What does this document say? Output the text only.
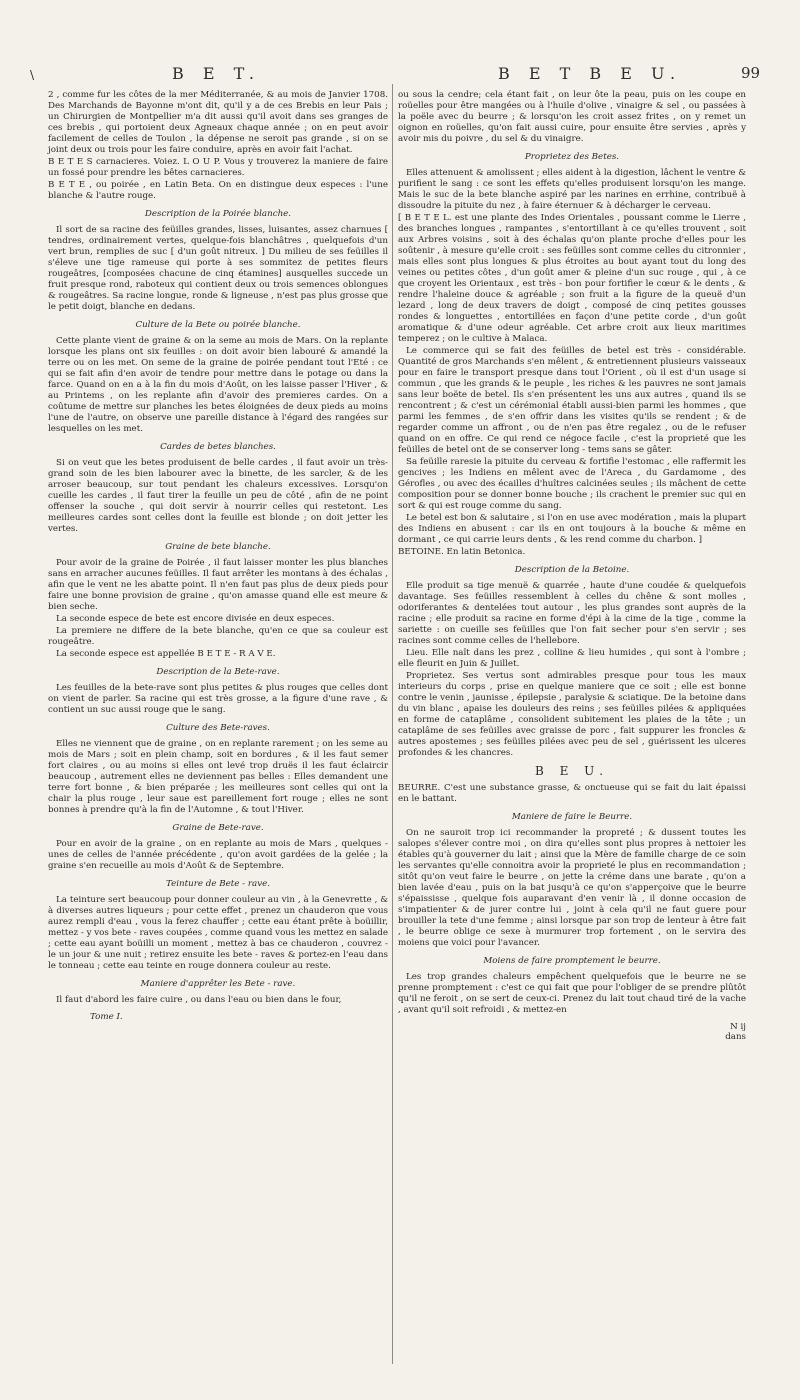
\	B E T.	B E T B E U.	99

2 , comme fur les côtes de la mer Méditerranée, & au mois de Janvier 1708. Des Marchands de Bayonne m'ont dit, qu'il y a de ces Brebis en leur Pais ; un Chirurgien de Montpellier m'a dit aussi qu'il avoit dans ses granges de ces brebis , qui portoient deux Agneaux chaque année ; on en peut avoir facilement de celles de Toulon , la dépense ne seroit pas grande , si on se joint deux ou trois pour les faire conduire, après en avoir fait l'achat.

B E T E S carnacieres. Voiez. L O U P. Vous y trouverez la maniere de faire un fossé pour prendre les bêtes carnacieres.

B E T E , ou poirée , en Latin Beta. On en distingue deux especes : l'une blanche & l'autre rouge.

Description de la Poirée blanche.

Il sort de sa racine des feüilles grandes, lisses, luisantes, assez charnues [ tendres, ordinairement vertes, quelque-fois blanchâtres , quelquefois d'un vert brun, remplies de suc [ d'un goût nitreux. ] Du milieu de ses feüilles il s'éleve une tige rameuse qui porte à ses sommitez de petites fleurs rougeâtres, [composées chacune de cinq étamines] ausquelles succede un fruit presque rond, raboteux qui contient deux ou trois semences oblongues & rougeâtres. Sa racine longue, ronde & ligneuse , n'est pas plus grosse que le petit doigt, blanche en dedans.

Culture de la Bete ou poirée blanche.

Cette plante vient de graine & on la seme au mois de Mars. On la replante lorsque les plans ont six feuilles : on doit avoir bien labouré & amandé la terre ou on les met. On seme de la graine de poirée pendant tout l'Eté : ce qui se fait afin d'en avoir de tendre pour mettre dans le potage ou dans la farce. Quand on en a à la fin du mois d'Août, on les laisse passer l'Hiver , & au Printems , on les replante afin d'avoir des premieres cardes. On a coûtume de mettre sur planches les betes éloignées de deux pieds au moins l'une de l'autre, on observe une pareille distance à l'égard des rangées sur lesquelles on les met.

Cardes de betes blanches.

Si on veut que les betes produisent de belle cardes , il faut avoir un très-grand soin de les bien labourer avec la binette, de les sarcler, & de les arroser beaucoup, sur tout pendant les chaleurs excessives. Lorsqu'on cueille les cardes , il faut tirer la feuille un peu de côté , afin de ne point offenser la souche , qui doit servir à nourrir celles qui restetont. Les meilleures cardes sont celles dont la feuille est blonde ; on doit jetter les vertes.

Graine de bete blanche.

Pour avoir de la graine de Poirée , il faut laisser monter les plus blanches sans en arracher aucunes feüilles. Il faut arrêter les montans à des échalas , afin que le vent ne les abatte point. Il n'en faut pas plus de deux pieds pour faire une bonne provision de graine , qu'on amasse quand elle est meure & bien seche.

La seconde espece de bete est encore divisée en deux especes.

La premiere ne differe de la bete blanche, qu'en ce que sa couleur est rougeâtre.

La seconde espece est appellée B E T E - R A V E.

Description de la Bete-rave.

Les feuilles de la bete-rave sont plus petites & plus rouges que celles dont on vient de parler. Sa racine qui est très grosse, a la figure d'une rave , & contient un suc aussi rouge que le sang.

Culture des Bete-raves.

Elles ne viennent que de graine , on en replante rarement ; on les seme au mois de Mars ; soit en plein champ, soit en bordures , & il les faut semer fort claires , ou au moins si elles ont levé trop druës il les faut éclaircir beaucoup , autrement elles ne deviennent pas belles : Elles demandent une terre fort bonne , & bien préparée ; les meilleures sont celles qui ont la chair la plus rouge , leur saue est pareillement fort rouge ; elles ne sont bonnes à prendre qu'à la fin de l'Automne , & tout l'Hiver.

Graine de Bete-rave.

Pour en avoir de la graine , on en replante au mois de Mars , quelques - unes de celles de l'année précédente , qu'on avoit gardées de la gelée ; la graine s'en recueille au mois d'Août & de Septembre.

Teinture de Bete - rave.

La teinture sert beaucoup pour donner couleur au vin , à la Genevrette , & à diverses autres liqueurs ; pour cette effet , prenez un chauderon que vous aurez rempli d'eau , vous la ferez chauffer ; cette eau étant prête à boüillir, mettez - y vos bete - raves coupées , comme quand vous les mettez en salade ; cette eau ayant boüilli un moment , mettez à bas ce chauderon , couvrez - le un jour & une nuit ; retirez ensuite les bete - raves & portez-en l'eau dans le tonneau ; cette eau teinte en rouge donnera couleur au reste.

Maniere d'apprêter les Bete - rave.

Il faut d'abord les faire cuire , ou dans l'eau ou bien dans le four,

Tome I.

ou sous la cendre; cela étant fait , on leur ôte la peau, puis on les coupe en roüelles pour être mangées ou à l'huile d'olive , vinaigre & sel , ou passées à la poële avec du beurre ; & lorsqu'on les croit assez frites , on y remet un oignon en roüelles, qu'on fait aussi cuire, pour ensuite être servies , après y avoir mis du poivre , du sel & du vinaigre.

Proprietez des Betes.

Elles attenuent & amolissent ; elles aident à la digestion, lâchent le ventre & purifient le sang : ce sont les effets qu'elles produisent lorsqu'on les mange. Mais le suc de la bete blanche aspiré par les narines en errhine, contribuë à dissoudre la pituite du nez , à faire éternuer & à décharger le cerveau.

[ B E T E L. est une plante des Indes Orientales , poussant comme le Lierre , des branches longues , rampantes , s'entortillant à ce qu'elles trouvent , soit aux Arbres voisins , soit à des échalas qu'on plante proche d'elles pour les soûtenir , à mesure qu'elle croit : ses feüilles sont comme celles du citronnier , mais elles sont plus longues & plus étroites au bout ayant tout du long des veines ou petites côtes , d'un goût amer & pleine d'un suc rouge , qui , à ce que croyent les Orientaux , est très - bon pour fortifier le cœur & le dents , & rendre l'haleine douce & agréable ; son fruit a la figure de la queuë d'un lezard , long de deux travers de doigt , composé de cinq petites gousses rondes & longuettes , entortillées en façon d'une petite corde , d'un goût aromatique & d'une odeur agréable. Cet arbre croit aux lieux maritimes temperez ; on le cultive à Malaca.

Le commerce qui se fait des feüilles de betel est très - considérable. Quantité de gros Marchands s'en mêlent , & entretiennent plusieurs vaisseaux pour en faire le transport presque dans tout l'Orient , où il est d'un usage si commun , que les grands & le peuple , les riches & les pauvres ne sont jamais sans leur boëte de betel. Ils s'en présentent les uns aux autres , quand ils se rencontrent ; & c'est un cérémonial établi aussi-bien parmi les hommes , que parmi les femmes , de s'en offrir dans les visites qu'ils se rendent ; & de regarder comme un affront , ou de n'en pas être regalez , ou de le refuser quand on en offre. Ce qui rend ce négoce facile , c'est la proprieté que les feüilles de betel ont de se conserver long - tems sans se gâter.

Sa feüille raresie la pituite du cerveau & fortifie l'estomac , elle raffermit les gencives ; les Indiens en mêlent avec de l'Areca , du Gardamome , des Gérofles , ou avec des écailles d'huîtres calcinées seules ; ils mâchent de cette composition pour se donner bonne bouche ; ils crachent le premier suc qui en sort & qui est rouge comme du sang.

Le betel est bon & salutaire , si l'on en use avec modération , mais la plupart des Indiens en abusent : car ils en ont toujours à la bouche & même en dormant , ce qui carrie leurs dents , & les rend comme du charbon. ]

BETOINE. En latin Betonica.

Description de la Betoine.

Elle produit sa tige menuë & quarrée , haute d'une coudée & quelquefois davantage. Ses feüilles ressemblent à celles du chêne & sont molles , odoriferantes & dentelées tout autour , les plus grandes sont auprès de la racine ; elle produit sa racine en forme d'épi à la cime de la tige , comme la sariette : on cueille ses feüilles que l'on fait secher pour s'en servir ; ses racines sont comme celles de l'hellebore.

Lieu. Elle naît dans les prez , colline & lieu humides , qui sont à l'ombre ; elle fleurit en Juin & Juillet.

Proprietez. Ses vertus sont admirables presque pour tous les maux interieurs du corps , prise en quelque maniere que ce soit ; elle est bonne contre le venin , jaunisse , épilepsie , paralysie & sciatique. De la betoine dans du vin blanc , apaise les douleurs des reins ; ses feüilles pilées & appliquées en forme de cataplâme , consolident subitement les plaies de la tête ; un cataplâme de ses feüilles avec graisse de porc , fait suppurer les froncles & autres apostemes ; ses feüilles pilées avec peu de sel , guérissent les ulceres profondes & les chancres.

B E U.

BEURRE. C'est une substance grasse, & onctueuse qui se fait du lait épaissi en le battant.

Maniere de faire le Beurre.

On ne sauroit trop ici recommander la propreté ; & dussent toutes les salopes s'élever contre moi , on dira qu'elles sont plus propres à nettoier les étables qu'à gouverner du lait ; ainsi que la Mère de famille charge de ce soin les servantes qu'elle connoitra avoir la proprieté le plus en recommandation ; sitôt qu'on veut faire le beurre , on jette la créme dans une barate , qu'on a bien lavée d'eau , puis on la bat jusqu'à ce qu'on s'apperçoive que le beurre s'épaississe , quelque fois auparavant d'en venir là , il donne occasion de s'impatienter & de jurer contre lui , joint à cela qu'il ne faut guere pour brouiller la tete d'une femme ; ainsi lorsque par son trop de lenteur à être fait , le beurre oblige ce sexe à murmurer trop fortement , on le servira des moiens que voici pour l'avancer.

Moiens de faire promptement le beurre.

Les trop grandes chaleurs empêchent quelquefois que le beurre ne se prenne promptement : c'est ce qui fait que pour l'obliger de se prendre plûtôt qu'il ne feroit , on se sert de ceux-ci. Prenez du lait tout chaud tiré de la vache , avant qu'il soit refroidi , & mettez-en

N ij
dans
